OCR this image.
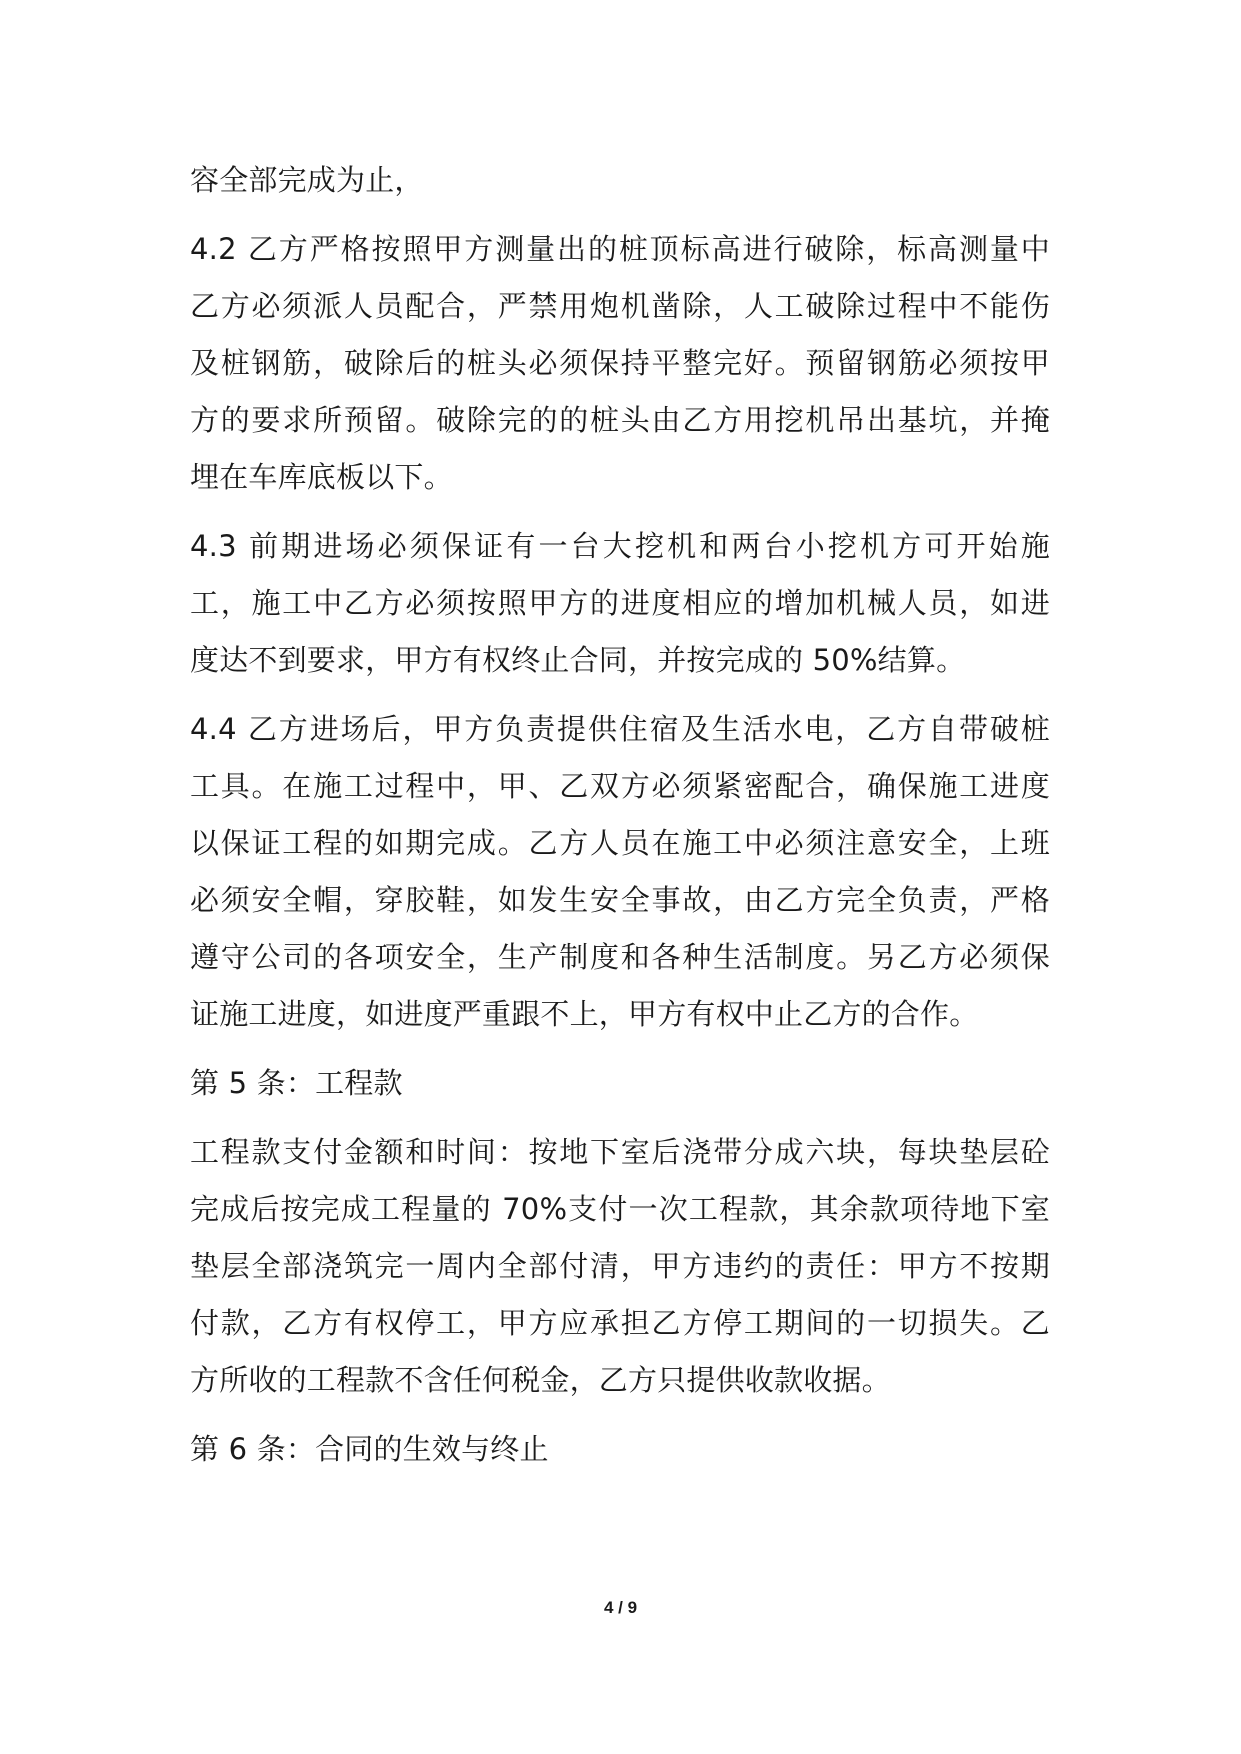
容全部完成为止，
4.2 乙方严格按照甲方测量出的桩顶标高进行破除，标高测量中
乙方必须派人员配合，严禁用炮机凿除，人工破除过程中不能伤
及桩钢筋，破除后的桩头必须保持平整完好。预留钢筋必须按甲
方的要求所预留。破除完的的桩头由乙方用挖机吊出基坑，并掩
埋在车库底板以下。
4.3 前期进场必须保证有一台大挖机和两台小挖机方可开始施
工，施工中乙方必须按照甲方的进度相应的增加机械人员，如进
度达不到要求，甲方有权终止合同，并按完成的 50%结算。
4.4 乙方进场后，甲方负责提供住宿及生活水电，乙方自带破桩
工具。在施工过程中，甲、乙双方必须紧密配合，确保施工进度
以保证工程的如期完成。乙方人员在施工中必须注意安全，上班
必须安全帽，穿胶鞋，如发生安全事故，由乙方完全负责，严格
遵守公司的各项安全，生产制度和各种生活制度。另乙方必须保
证施工进度，如进度严重跟不上，甲方有权中止乙方的合作。
第 5 条：工程款
工程款支付金额和时间：按地下室后浇带分成六块，每块垫层砼
完成后按完成工程量的 70%支付一次工程款，其余款项待地下室
垫层全部浇筑完一周内全部付清，甲方违约的责任：甲方不按期
付款，乙方有权停工，甲方应承担乙方停工期间的一切损失。乙
方所收的工程款不含任何税金，乙方只提供收款收据。
第 6 条：合同的生效与终止
4 / 9
